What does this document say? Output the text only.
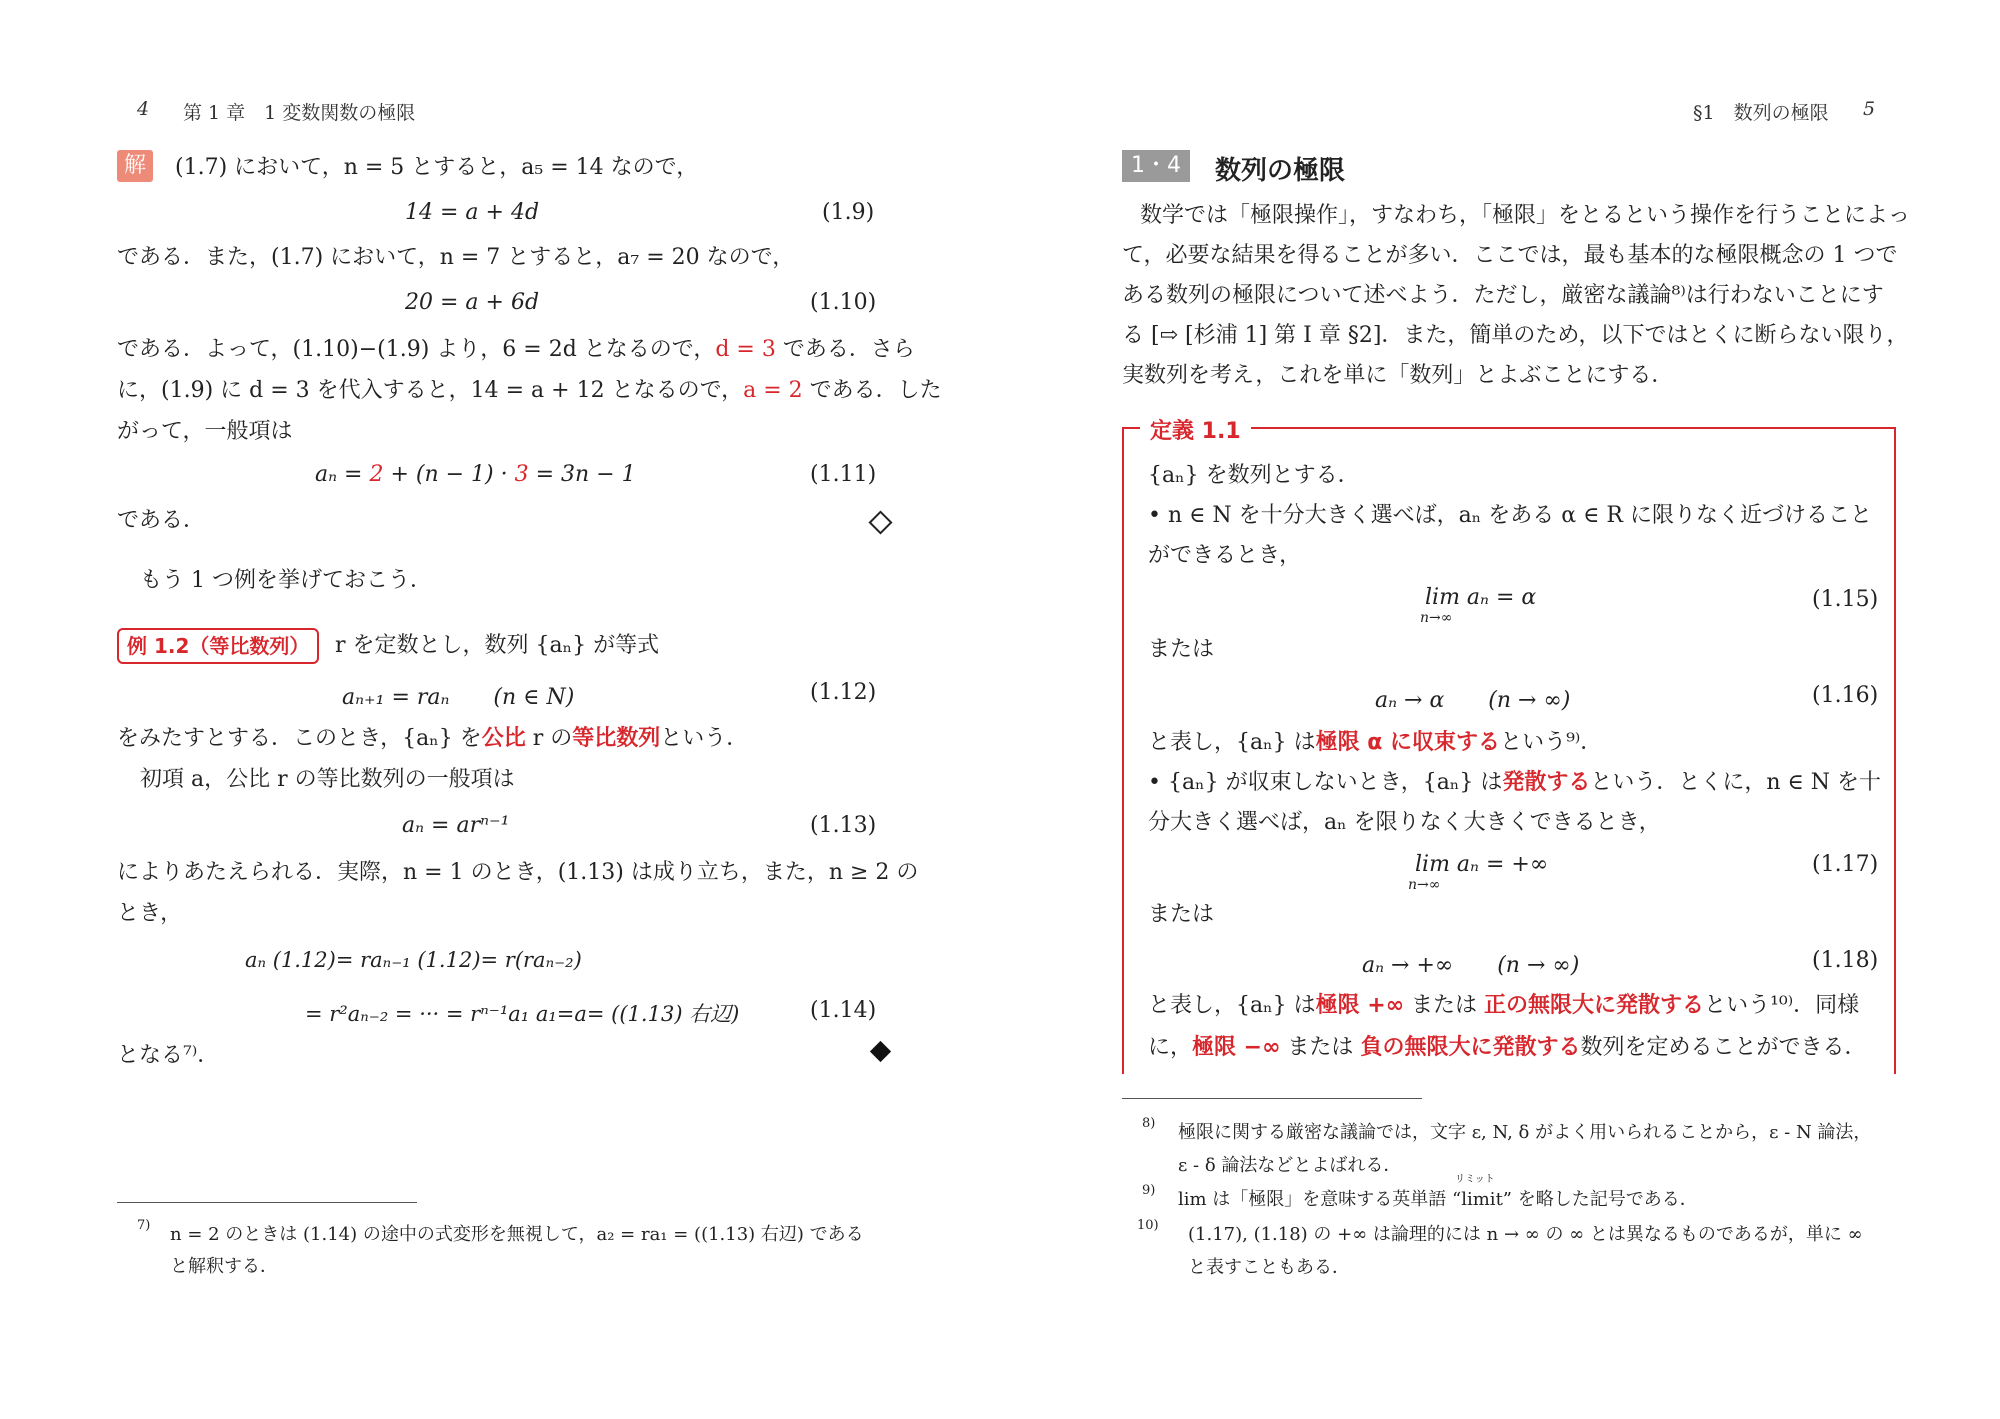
4 第 1 章　1 変数関数の極限
解	(1.7) において，n = 5 とすると，a₅ = 14 なので，
14 = a + 4d	(1.9)
である．また，(1.7) において，n = 7 とすると，a₇ = 20 なので，
20 = a + 6d	(1.10)
である．よって，(1.10)−(1.9) より，6 = 2d となるので，d = 3 である．さら
に，(1.9) に d = 3 を代入すると，14 = a + 12 となるので，a = 2 である．した
がって，一般項は
aₙ = 2 + (n − 1) · 3 = 3n − 1	(1.11)
である．
もう 1 つ例を挙げておこう．
例 1.2（等比数列）	r を定数とし，数列 {aₙ} が等式
aₙ₊₁ = raₙ　　(n ∈ N)	(1.12)
をみたすとする．このとき，{aₙ} を公比 r の等比数列という．
初項 a，公比 r の等比数列の一般項は
aₙ = arⁿ⁻¹	(1.13)
によりあたえられる．実際，n = 1 のとき，(1.13) は成り立ち，また，n ≥ 2 の
とき，
aₙ (1.12)= raₙ₋₁ (1.12)= r(raₙ₋₂)
= r²aₙ₋₂ = ··· = rⁿ⁻¹a₁ a₁=a= ((1.13) 右辺)	(1.14)
となる⁷⁾．
7) n = 2 のときは (1.14) の途中の式変形を無視して，a₂ = ra₁ = ((1.13) 右辺) である
と解釈する．
§1　数列の極限 5
1・4	数列の極限
数学では「極限操作」，すなわち，「極限」をとるという操作を行うことによっ
て，必要な結果を得ることが多い．ここでは，最も基本的な極限概念の 1 つで
ある数列の極限について述べよう．ただし，厳密な議論⁸⁾は行わないことにす
る [⇨ [杉浦 1] 第 I 章 §2]．また，簡単のため，以下ではとくに断らない限り，
実数列を考え，これを単に「数列」とよぶことにする．
定義 1.1
{aₙ} を数列とする．
• n ∈ N を十分大きく選べば，aₙ をある α ∈ R に限りなく近づけること
ができるとき，
lim aₙ = α
n→∞
(1.15)
または
aₙ → α　　(n → ∞)	(1.16)
と表し，{aₙ} は極限 α に収束するという⁹⁾．
• {aₙ} が収束しないとき，{aₙ} は発散するという．とくに，n ∈ N を十
分大きく選べば，aₙ を限りなく大きくできるとき，
lim aₙ = +∞
n→∞
(1.17)
または
aₙ → +∞　　(n → ∞)	(1.18)
と表し，{aₙ} は極限 +∞ または 正の無限大に発散するという¹⁰⁾．同様
に，極限 −∞ または 負の無限大に発散する数列を定めることができる．
8) 極限に関する厳密な議論では，文字 ε, N, δ がよく用いられることから，ε - N 論法，
ε - δ 論法などとよばれる．
9)
リミット
lim は「極限」を意味する英単語 “limit” を略した記号である．
10) (1.17), (1.18) の +∞ は論理的には n → ∞ の ∞ とは異なるものであるが，単に ∞
と表すこともある．
